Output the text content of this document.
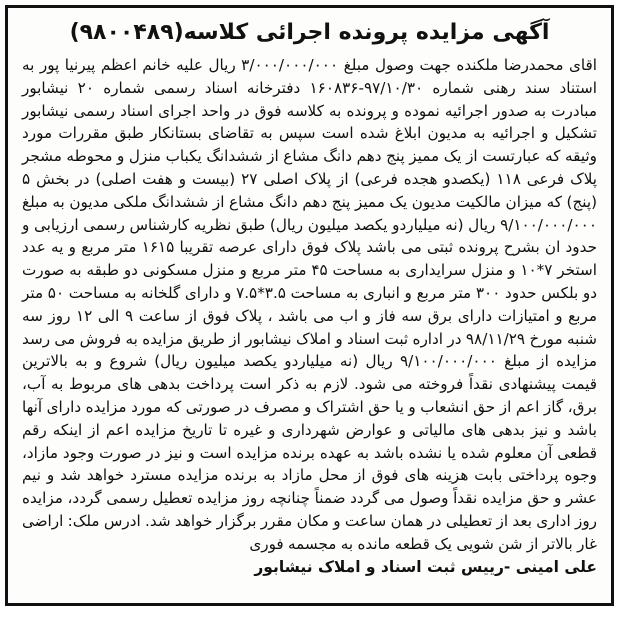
آگهی مزایده پرونده اجرائی کلاسه(۹۸۰۰۴۸۹)

اقای محمدرضا ملکنده جهت وصول مبلغ ۳/۰۰۰/۰۰۰/۰۰۰ ریال علیه خانم اعظم پیرنیا پور به استناد سند رهنی شماره ۹۷/۱۰/۳۰-۱۶۰۸۳۶ دفترخانه اسناد رسمی شماره ۲۰ نیشابور مبادرت به صدور اجرائیه نموده و پرونده به کلاسه فوق در واحد اجرای اسناد رسمی نیشابور تشکیل و اجرائیه به مدیون ابلاغ شده است سپس به تقاضای بستانکار طبق مقررات مورد وثیقه که عبارتست از یک ممیز پنج دهم دانگ مشاع از ششدانگ یکباب منزل و محوطه مشجر پلاک فرعی ۱۱۸ (یکصدو هجده فرعی) از پلاک اصلی ۲۷ (بیست و هفت اصلی) در بخش ۵ (پنج) که میزان مالکیت مدیون یک ممیز پنج دهم دانگ مشاع از ششدانگ ملکی مدیون به مبلغ ۹/۱۰۰/۰۰۰/۰۰۰ ریال (نه میلیاردو یکصد میلیون ریال) طبق نظریه کارشناس رسمی ارزیابی و حدود ان بشرح پرونده ثبتی می باشد پلاک فوق دارای عرصه تقریبا ۱۶۱۵ متر مربع و یه عدد استخر ۷*۱۰ و منزل سرایداری به مساحت ۴۵ متر مربع و منزل مسکونی دو طبقه به صورت دو بلکس حدود ۳۰۰ متر مربع و انباری به مساحت ۳.۵*۷.۵ و دارای گلخانه به مساحت ۵۰ متر مربع و امتیازات دارای برق سه فاز و اب می باشد ، پلاک فوق از ساعت ۹ الی ۱۲ روز سه شنبه مورخ ۹۸/۱۱/۲۹ در اداره ثبت اسناد و املاک نیشابور از طریق مزایده به فروش می رسد مزایده از مبلغ ۹/۱۰۰/۰۰۰/۰۰۰ ریال (نه میلیاردو یکصد میلیون ریال) شروع و به بالاترین قیمت پیشنهادی نقداً فروخته می شود. لازم به ذکر است پرداخت بدهی های مربوط به آب، برق، گاز اعم از حق انشعاب و یا حق اشتراک و مصرف در صورتی که مورد مزایده دارای آنها باشد و نیز بدهی های مالیاتی و عوارض شهرداری و غیره تا تاریخ مزایده اعم از اینکه رقم قطعی آن معلوم شده یا نشده باشد به عهده برنده مزایده است و نیز در صورت وجود مازاد، وجوه پرداختی بابت هزینه های فوق از محل مازاد به برنده مزایده مسترد خواهد شد و نیم عشر و حق مزایده نقداً وصول می گردد ضمناً چنانچه روز مزایده تعطیل رسمی گردد، مزایده روز اداری بعد از تعطیلی در همان ساعت و مکان مقرر برگزار خواهد شد. ادرس ملک: اراضی غار بالاتر از شن شویی یک قطعه مانده به مجسمه فوری

علی امینی -رییس ثبت اسناد و املاک نیشابور
